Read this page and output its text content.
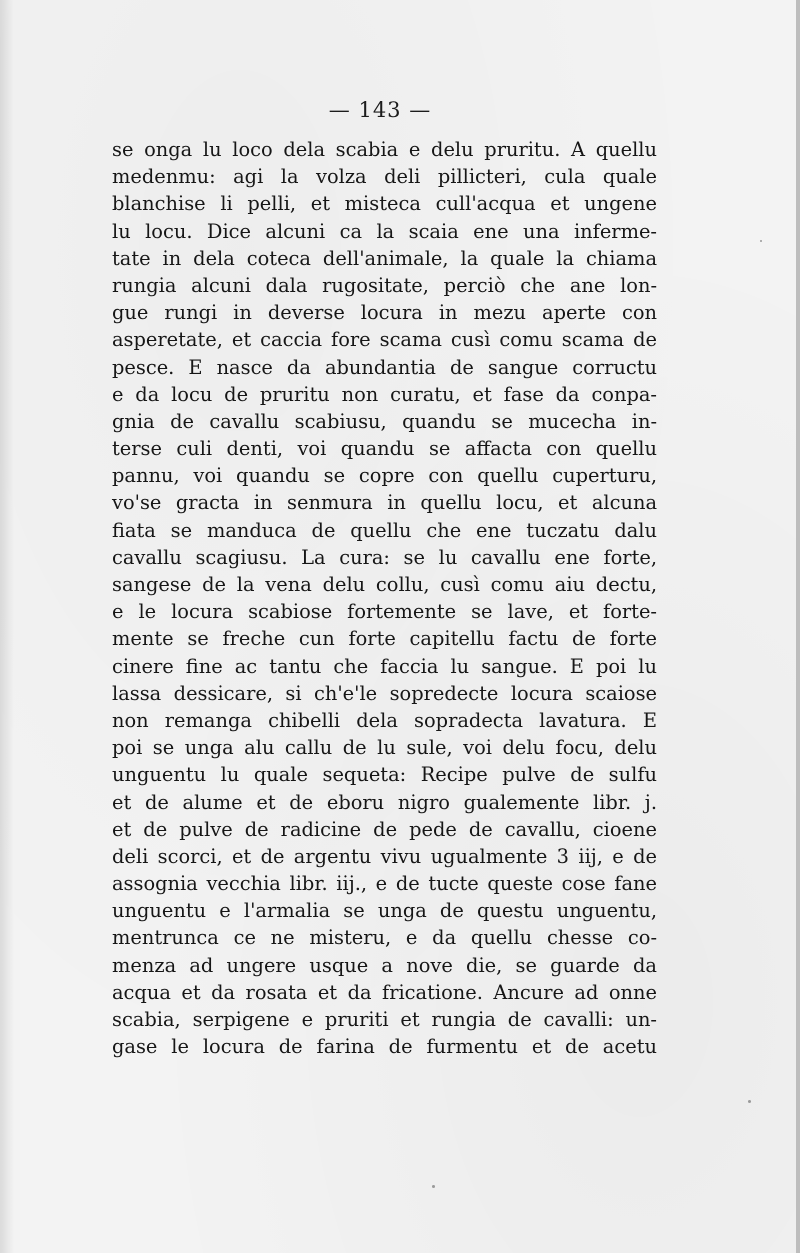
— 143 —
se onga lu loco dela scabia e delu pruritu. A quellu
medenmu: agi la volza deli pillicteri, cula quale
blanchise li pelli, et misteca cull'acqua et ungene
lu locu. Dice alcuni ca la scaia ene una inferme-
tate in dela coteca dell'animale, la quale la chiama
rungia alcuni dala rugositate, perciò che ane lon-
gue rungi in deverse locura in mezu aperte con
asperetate, et caccia fore scama cusì comu scama de
pesce. E nasce da abundantia de sangue corructu
e da locu de pruritu non curatu, et fase da conpa-
gnia de cavallu scabiusu, quandu se mucecha in-
terse culi denti, voi quandu se affacta con quellu
pannu, voi quandu se copre con quellu cuperturu,
vo'se gracta in senmura in quellu locu, et alcuna
fiata se manduca de quellu che ene tuczatu dalu
cavallu scagiusu. La cura: se lu cavallu ene forte,
sangese de la vena delu collu, cusì comu aiu dectu,
e le locura scabiose fortemente se lave, et forte-
mente se freche cun forte capitellu factu de forte
cinere fine ac tantu che faccia lu sangue. E poi lu
lassa dessicare, si ch'e'le sopredecte locura scaiose
non remanga chibelli dela sopradecta lavatura. E
poi se unga alu callu de lu sule, voi delu focu, delu
unguentu lu quale sequeta: Recipe pulve de sulfu
et de alume et de eboru nigro gualemente libr. j.
et de pulve de radicine de pede de cavallu, cioene
deli scorci, et de argentu vivu ugualmente 3 iij, e de
assognia vecchia libr. iij., e de tucte queste cose fane
unguentu e l'armalia se unga de questu unguentu,
mentrunca ce ne misteru, e da quellu chesse co-
menza ad ungere usque a nove die, se guarde da
acqua et da rosata et da fricatione. Ancure ad onne
scabia, serpigene e pruriti et rungia de cavalli: un-
gase le locura de farina de furmentu et de acetu
